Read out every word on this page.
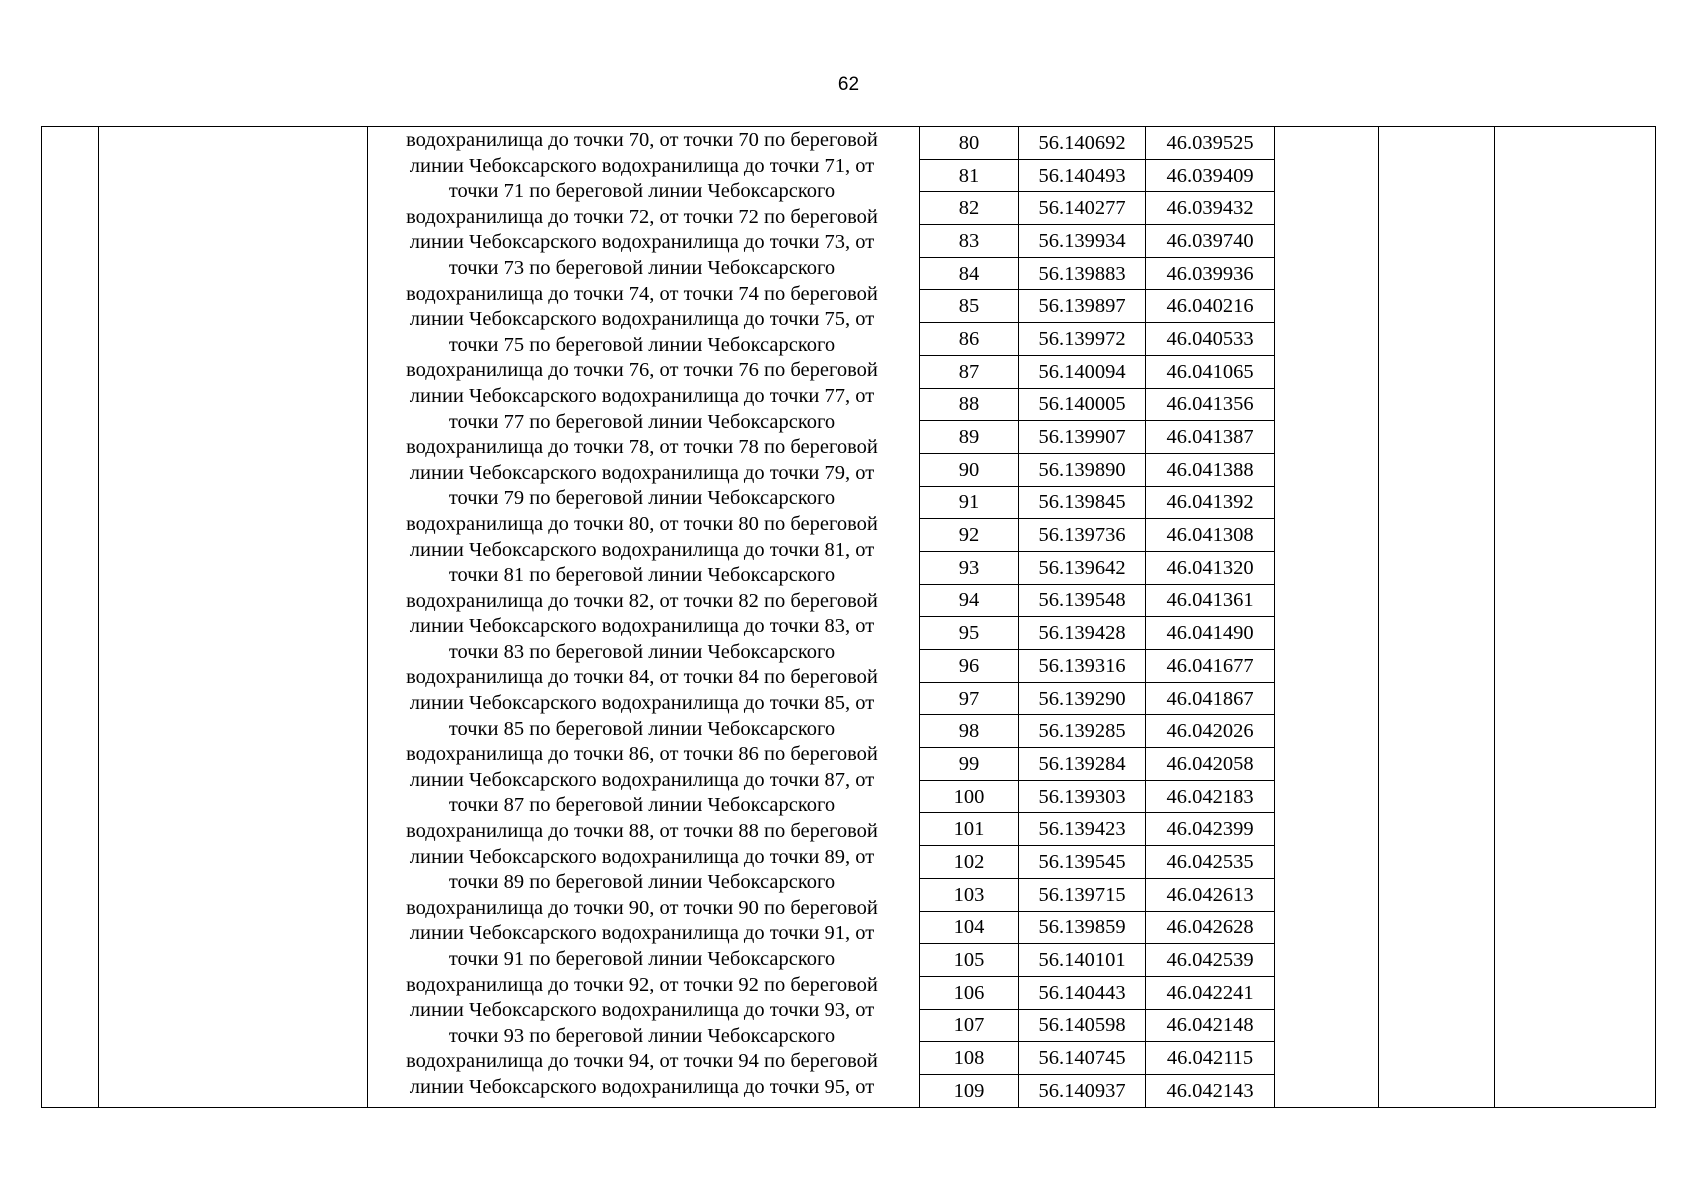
62
водохранилища до точки 70, от точки 70 по береговой
линии Чебоксарского водохранилища до точки 71, от
точки 71 по береговой линии Чебоксарского
водохранилища до точки 72, от точки 72 по береговой
линии Чебоксарского водохранилища до точки 73, от
точки 73 по береговой линии Чебоксарского
водохранилища до точки 74, от точки 74 по береговой
линии Чебоксарского водохранилища до точки 75, от
точки 75 по береговой линии Чебоксарского
водохранилища до точки 76, от точки 76 по береговой
линии Чебоксарского водохранилища до точки 77, от
точки 77 по береговой линии Чебоксарского
водохранилища до точки 78, от точки 78 по береговой
линии Чебоксарского водохранилища до точки 79, от
точки 79 по береговой линии Чебоксарского
водохранилища до точки 80, от точки 80 по береговой
линии Чебоксарского водохранилища до точки 81, от
точки 81 по береговой линии Чебоксарского
водохранилища до точки 82, от точки 82 по береговой
линии Чебоксарского водохранилища до точки 83, от
точки 83 по береговой линии Чебоксарского
водохранилища до точки 84, от точки 84 по береговой
линии Чебоксарского водохранилища до точки 85, от
точки 85 по береговой линии Чебоксарского
водохранилища до точки 86, от точки 86 по береговой
линии Чебоксарского водохранилища до точки 87, от
точки 87 по береговой линии Чебоксарского
водохранилища до точки 88, от точки 88 по береговой
линии Чебоксарского водохранилища до точки 89, от
точки 89 по береговой линии Чебоксарского
водохранилища до точки 90, от точки 90 по береговой
линии Чебоксарского водохранилища до точки 91, от
точки 91 по береговой линии Чебоксарского
водохранилища до точки 92, от точки 92 по береговой
линии Чебоксарского водохранилища до точки 93, от
точки 93 по береговой линии Чебоксарского
водохранилища до точки 94, от точки 94 по береговой
линии Чебоксарского водохранилища до точки 95, от
80	56.140692	46.039525
81	56.140493	46.039409
82	56.140277	46.039432
83	56.139934	46.039740
84	56.139883	46.039936
85	56.139897	46.040216
86	56.139972	46.040533
87	56.140094	46.041065
88	56.140005	46.041356
89	56.139907	46.041387
90	56.139890	46.041388
91	56.139845	46.041392
92	56.139736	46.041308
93	56.139642	46.041320
94	56.139548	46.041361
95	56.139428	46.041490
96	56.139316	46.041677
97	56.139290	46.041867
98	56.139285	46.042026
99	56.139284	46.042058
100	56.139303	46.042183
101	56.139423	46.042399
102	56.139545	46.042535
103	56.139715	46.042613
104	56.139859	46.042628
105	56.140101	46.042539
106	56.140443	46.042241
107	56.140598	46.042148
108	56.140745	46.042115
109	56.140937	46.042143
